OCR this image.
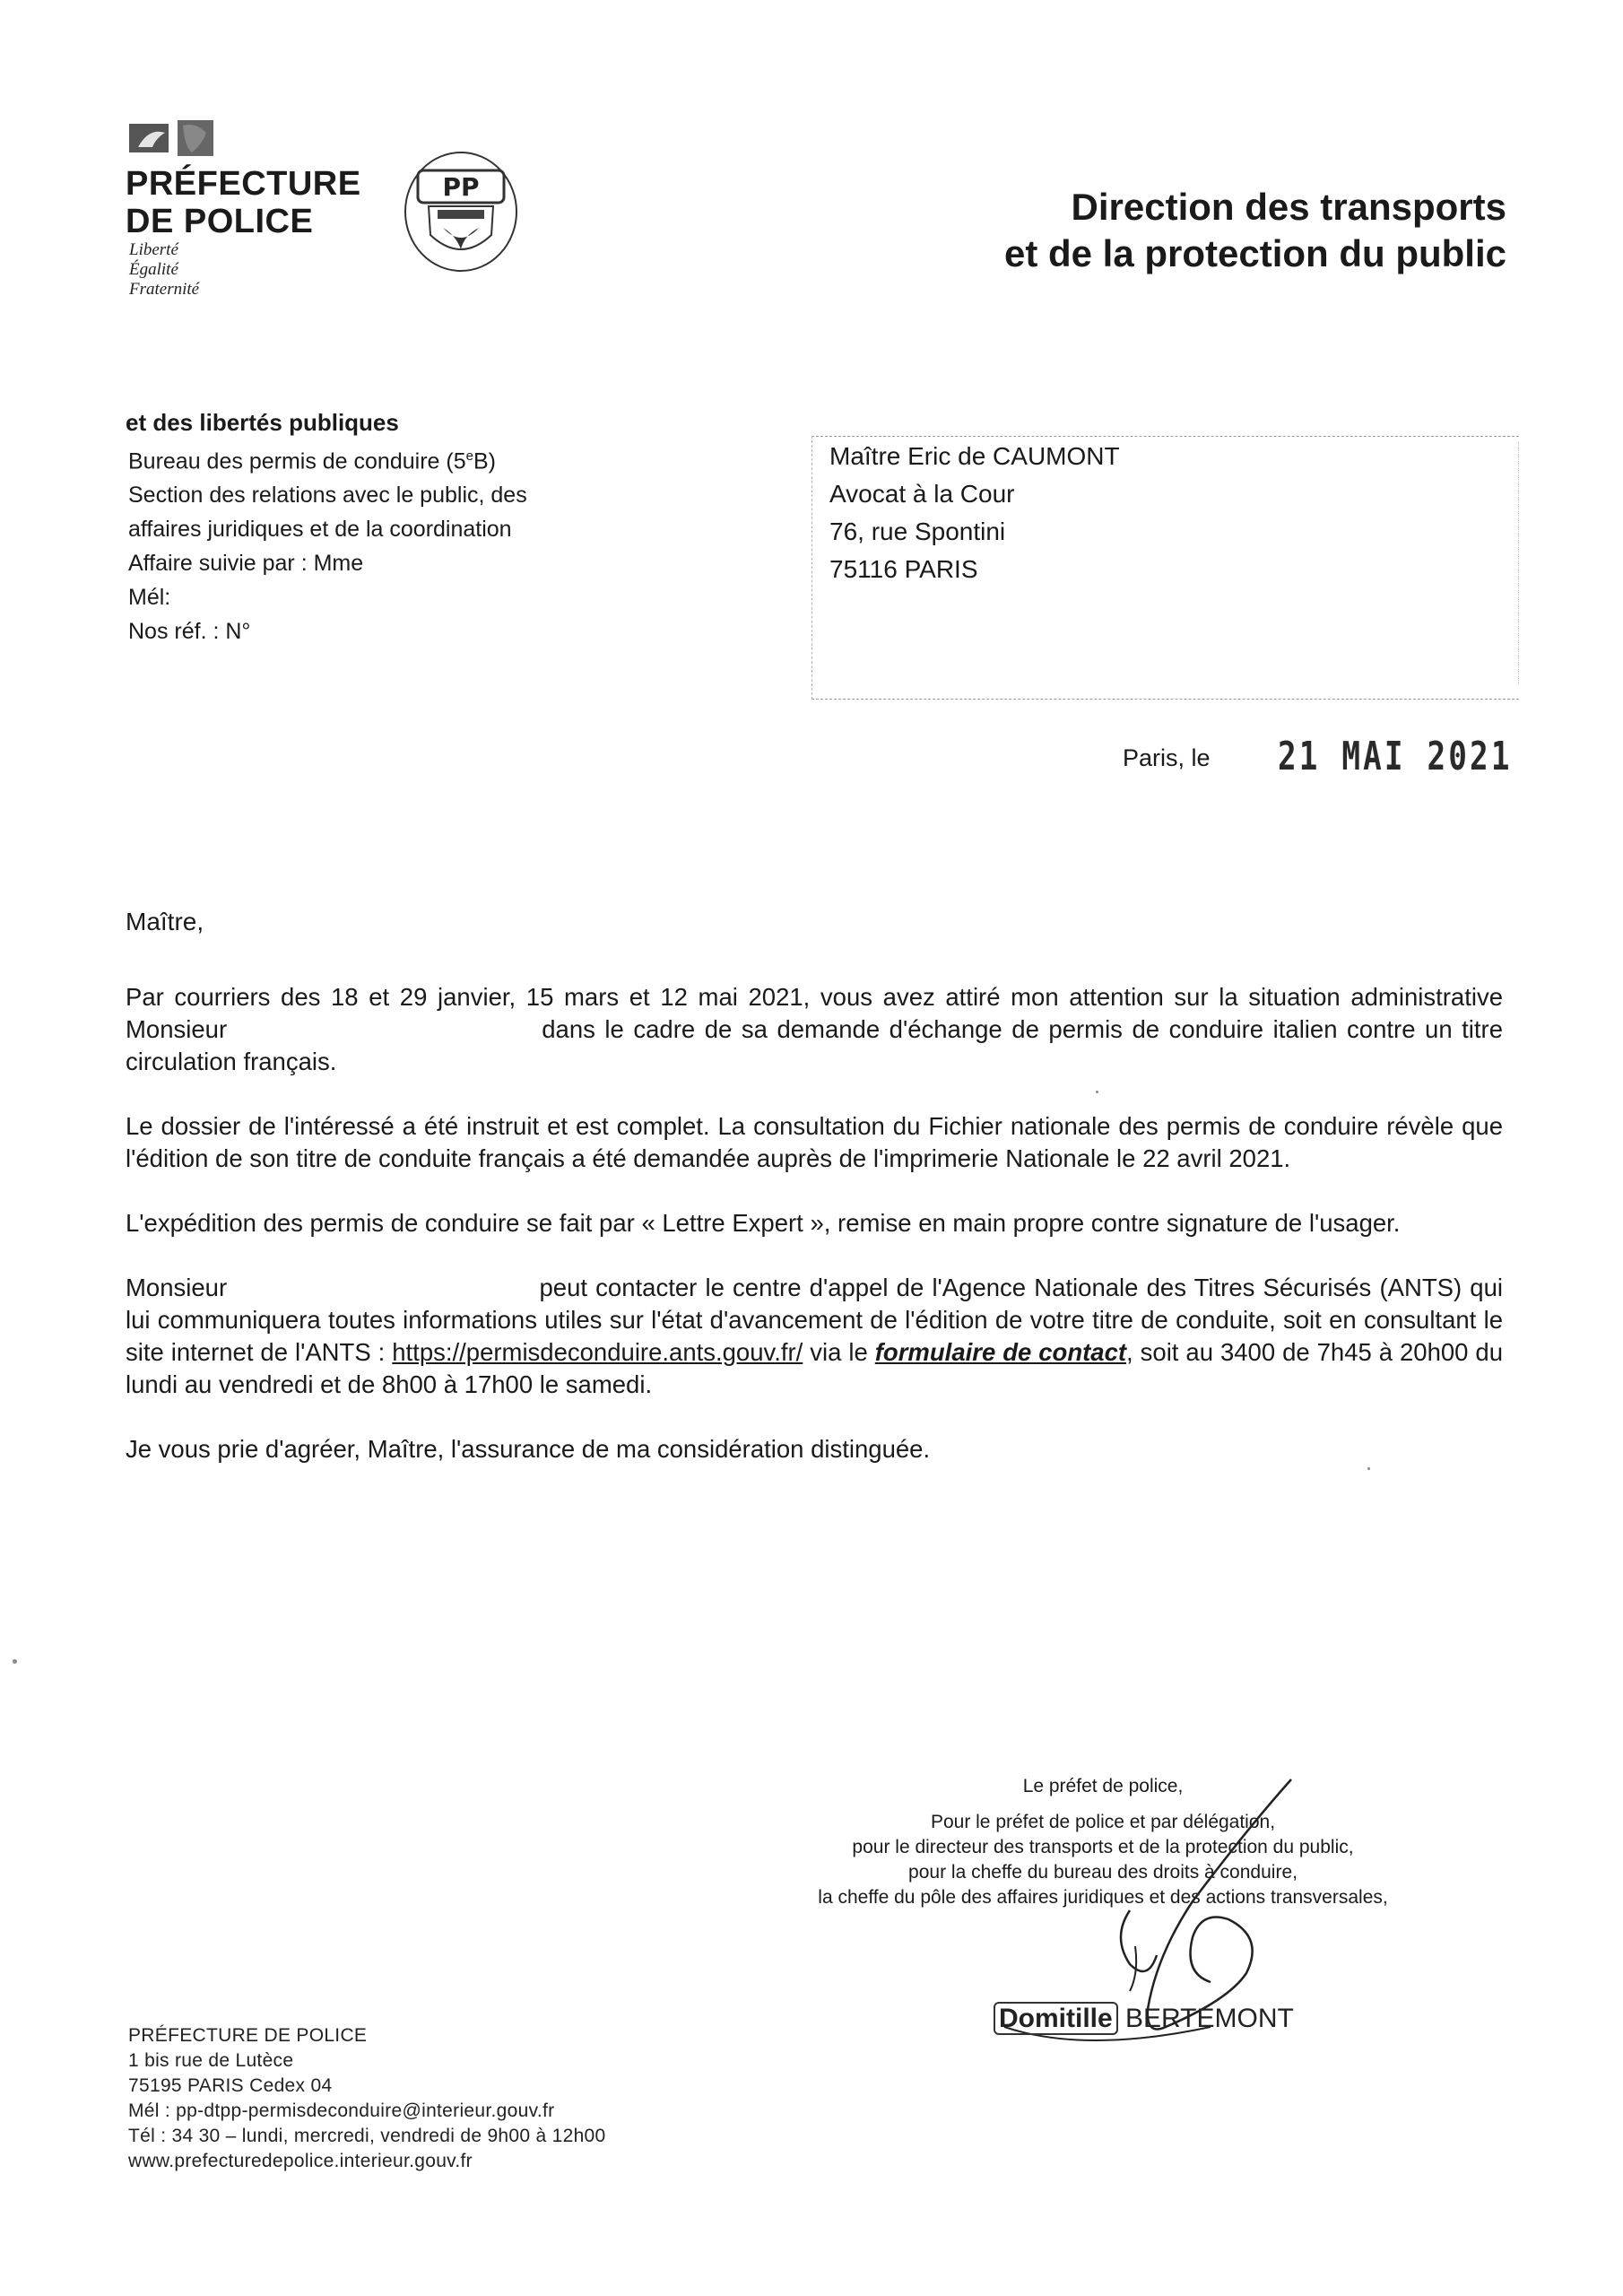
PRÉFECTURE
DE POLICE
Liberté
Égalité
Fraternité
PP	Direction des transports
et de la protection du public
et des libertés publiques
Bureau des permis de conduire (5eB)
Section des relations avec le public, des
affaires juridiques et de la coordination
Affaire suivie par : Mme
Mél:
Nos réf. : N°
Maître Eric de CAUMONT
Avocat à la Cour
76, rue Spontini
75116 PARIS
Paris, le 21 MAI 2021
Maître,

Par courriers des 18 et 29 janvier, 15 mars et 12 mai 2021, vous avez attiré mon attention sur la situation administrative Monsieur	dans le cadre de sa demande d'échange de permis de conduire italien contre un titre circulation français.

Le dossier de l'intéressé a été instruit et est complet. La consultation du Fichier nationale des permis de conduire révèle que l'édition de son titre de conduite français a été demandée auprès de l'imprimerie Nationale le 22 avril 2021.

L'expédition des permis de conduire se fait par « Lettre Expert », remise en main propre contre signature de l'usager.

Monsieur	peut contacter le centre d'appel de l'Agence Nationale des Titres Sécurisés (ANTS) qui lui communiquera toutes informations utiles sur l'état d'avancement de l'édition de votre titre de conduite, soit en consultant le site internet de l'ANTS : https://permisdeconduire.ants.gouv.fr/ via le formulaire de contact, soit au 3400 de 7h45 à 20h00 du lundi au vendredi et de 8h00 à 17h00 le samedi.

Je vous prie d'agréer, Maître, l'assurance de ma considération distinguée.

Le préfet de police,
Pour le préfet de police et par délégation,
pour le directeur des transports et de la protection du public,
pour la cheffe du bureau des droits à conduire,
la cheffe du pôle des affaires juridiques et des actions transversales,
Domitille BERTEMONT
PRÉFECTURE DE POLICE
1 bis rue de Lutèce
75195 PARIS Cedex 04
Mél : pp-dtpp-permisdeconduire@interieur.gouv.fr
Tél : 34 30 – lundi, mercredi, vendredi de 9h00 à 12h00
www.prefecturedepolice.interieur.gouv.fr
